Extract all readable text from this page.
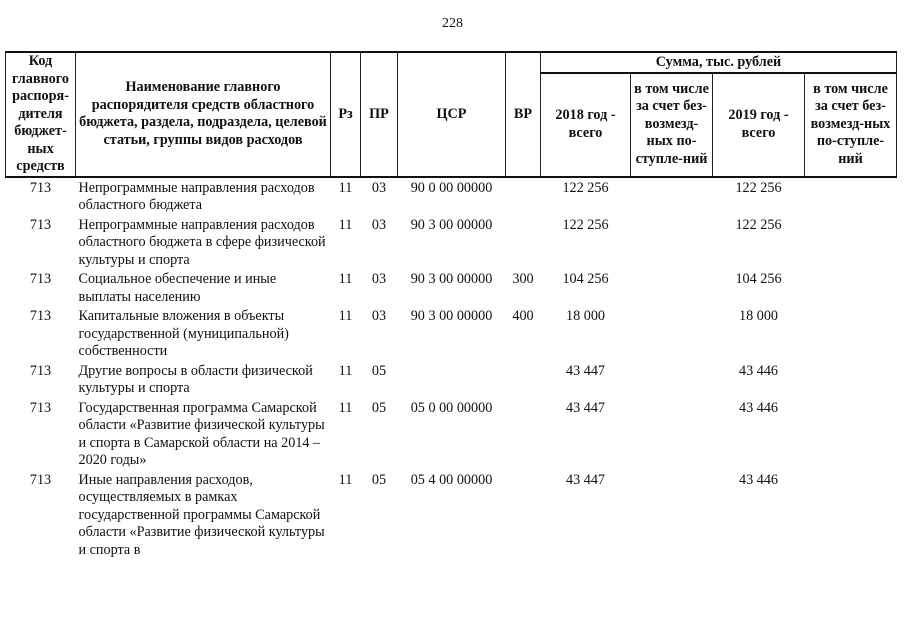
228
Код главного распоря-дителя бюджет-ных средств	Наименование главного распорядителя средств областного бюджета, раздела, подраздела, целевой статьи, группы видов расходов	Рз	ПР	ЦСР	ВР	Сумма, тыс. рублей			
						2018 год - всего	в том числе за счет без-возмезд-ных по-ступле-ний	2019 год - всего	в том числе за счет без-возмезд-ных по-ступле-ний
713	Непрограммные направления расходов областного бюджета	11	03	90 0 00 00000		122 256		122 256	
713	Непрограммные направления расходов областного бюджета в сфере физической культуры и спорта	11	03	90 3 00 00000		122 256		122 256	
713	Социальное обеспечение и иные выплаты населению	11	03	90 3 00 00000	300	104 256		104 256	
713	Капитальные вложения в объекты государственной (муниципальной) собственности	11	03	90 3 00 00000	400	18 000		18 000	
713	Другие вопросы в области физической культуры и спорта	11	05			43 447		43 446	
713	Государственная программа Самарской области «Развитие физической культуры и спорта в Самарской области на 2014 – 2020 годы»	11	05	05 0 00 00000		43 447		43 446	
713	Иные направления расходов, осуществляемых в рамках государственной программы Самарской области «Развитие физической культуры и спорта в	11	05	05 4 00 00000		43 447		43 446	
